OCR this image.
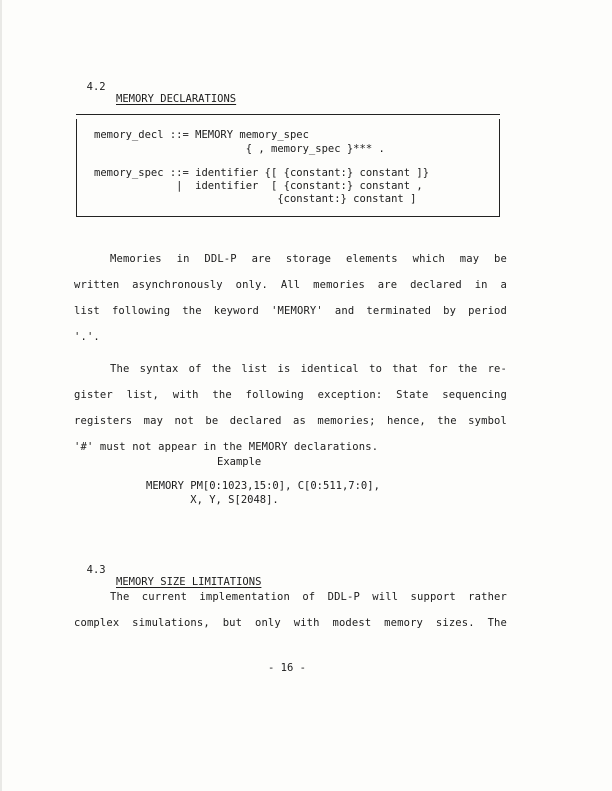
4.2

MEMORY DECLARATIONS

memory_decl ::= MEMORY memory_spec
{ , memory_spec }*** .
memory_spec ::= identifier {[ {constant:} constant ]}
|  identifier  [ {constant:} constant ,
{constant:} constant ]
Memories in DDL-P are storage elements which may be
written asynchronously only. All memories are declared in a
list following the keyword 'MEMORY' and terminated by period
'.'.
The syntax of the list is identical to that for the re-
gister list, with the following exception: State sequencing
registers may not be declared as memories; hence, the symbol
'#' must not appear in the MEMORY declarations.
Example
MEMORY PM[0:1023,15:0], C[0:511,7:0],
X, Y, S[2048].

4.3

MEMORY SIZE LIMITATIONS

The current implementation of DDL-P will support rather
complex simulations, but only with modest memory sizes. The
- 16 -
